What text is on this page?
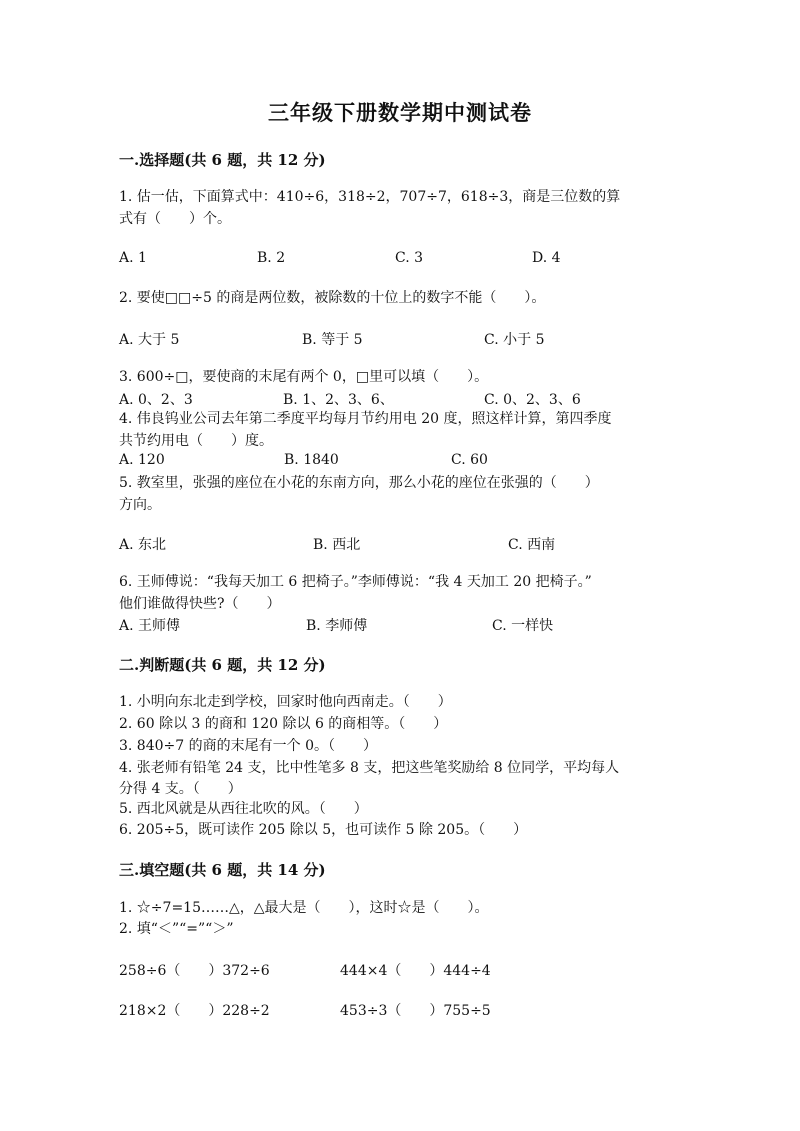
三年级下册数学期中测试卷
一.选择题(共 6 题，共 12 分)
1. 估一估，下面算式中：410÷6，318÷2，707÷7，618÷3，商是三位数的算
式有（　　）个。
A. 1	B. 2	C. 3	D. 4
2. 要使□□÷5 的商是两位数，被除数的十位上的数字不能（　　）。
A. 大于 5	B. 等于 5	C. 小于 5
3. 600÷□，要使商的末尾有两个 0，□里可以填（　　）。
A. 0、2、3	B. 1、2、3、6、	C. 0、2、3、6
4. 伟良钨业公司去年第二季度平均每月节约用电 20 度，照这样计算，第四季度
共节约用电（　　）度。
A. 120	B. 1840	C. 60
5. 教室里，张强的座位在小花的东南方向，那么小花的座位在张强的（　　）
方向。
A. 东北	B. 西北	C. 西南
6. 王师傅说：“我每天加工 6 把椅子。”李师傅说：“我 4 天加工 20 把椅子。”
他们谁做得快些?（　　）
A. 王师傅	B. 李师傅	C. 一样快
二.判断题(共 6 题，共 12 分)
1. 小明向东北走到学校，回家时他向西南走。（　　）
2. 60 除以 3 的商和 120 除以 6 的商相等。（　　）
3. 840÷7 的商的末尾有一个 0。（　　）
4. 张老师有铅笔 24 支，比中性笔多 8 支，把这些笔奖励给 8 位同学，平均每人
分得 4 支。（　　）
5. 西北风就是从西往北吹的风。（　　）
6. 205÷5，既可读作 205 除以 5，也可读作 5 除 205。（　　）
三.填空题(共 6 题，共 14 分)
1. ☆÷7=15……△，△最大是（　　），这时☆是（　　）。
2. 填“＜”“=”“＞”
258÷6（　　）372÷6	444×4（　　）444÷4
218×2（　　）228÷2	453÷3（　　）755÷5
